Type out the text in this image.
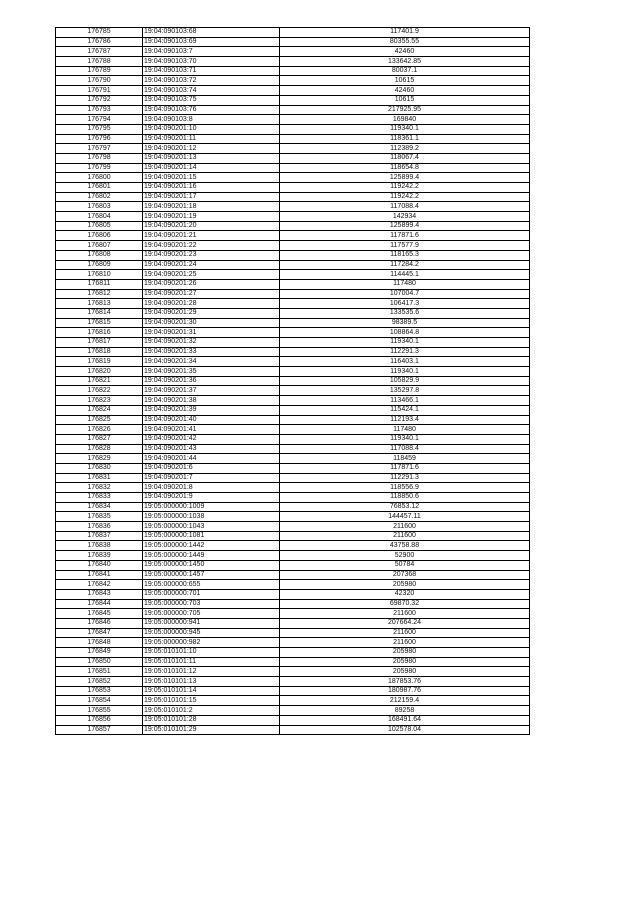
176785	19:04:090103:68	117401.9
176786	19:04:090103:69	80355.55
176787	19:04:090103:7	42460
176788	19:04:090103:70	133642.85
176789	19:04:090103:71	80037.1
176790	19:04:090103:72	10615
176791	19:04:090103:74	42460
176792	19:04:090103:75	10615
176793	19:04:090103:76	217925.95
176794	19:04:090103:8	169840
176795	19:04:090201:10	119340.1
176796	19:04:090201:11	118361.1
176797	19:04:090201:12	112389.2
176798	19:04:090201:13	118067.4
176799	19:04:090201:14	118654.8
176800	19:04:090201:15	125899.4
176801	19:04:090201:16	119242.2
176802	19:04:090201:17	119242.2
176803	19:04:090201:18	117088.4
176804	19:04:090201:19	142934
176805	19:04:090201:20	125899.4
176806	19:04:090201:21	117871.6
176807	19:04:090201:22	117577.9
176808	19:04:090201:23	118165.3
176809	19:04:090201:24	117284.2
176810	19:04:090201:25	114445.1
176811	19:04:090201:26	117480
176812	19:04:090201:27	107004.7
176813	19:04:090201:28	106417.3
176814	19:04:090201:29	133535.6
176815	19:04:090201:30	98389.5
176816	19:04:090201:31	108864.8
176817	19:04:090201:32	119340.1
176818	19:04:090201:33	112291.3
176819	19:04:090201:34	116403.1
176820	19:04:090201:35	119340.1
176821	19:04:090201:36	105829.9
176822	19:04:090201:37	135297.8
176823	19:04:090201:38	113466.1
176824	19:04:090201:39	115424.1
176825	19:04:090201:40	112193.4
176826	19:04:090201:41	117480
176827	19:04:090201:42	119340.1
176828	19:04:090201:43	117088.4
176829	19:04:090201:44	118459
176830	19:04:090201:6	117871.6
176831	19:04:090201:7	112291.3
176832	19:04:090201:8	118556.9
176833	19:04:090201:9	118850.6
176834	19:05:000000:1009	76853.12
176835	19:05:000000:1038	144457.11
176836	19:05:000000:1043	211600
176837	19:05:000000:1081	211600
176838	19:05:000000:1442	43758.88
176839	19:05:000000:1449	52900
176840	19:05:000000:1450	50784
176841	19:05:000000:1457	207368
176842	19:05:000000:655	205980
176843	19:05:000000:701	42320
176844	19:05:000000:703	69870.32
176845	19:05:000000:705	211600
176846	19:05:000000:941	207664.24
176847	19:05:000000:945	211600
176848	19:05:000000:982	211600
176849	19:05:010101:10	205980
176850	19:05:010101:11	205980
176851	19:05:010101:12	205980
176852	19:05:010101:13	187853.76
176853	19:05:010101:14	180987.76
176854	19:05:010101:15	212159.4
176855	19:05:010101:2	89258
176856	19:05:010101:28	168491.64
176857	19:05:010101:29	102578.04
